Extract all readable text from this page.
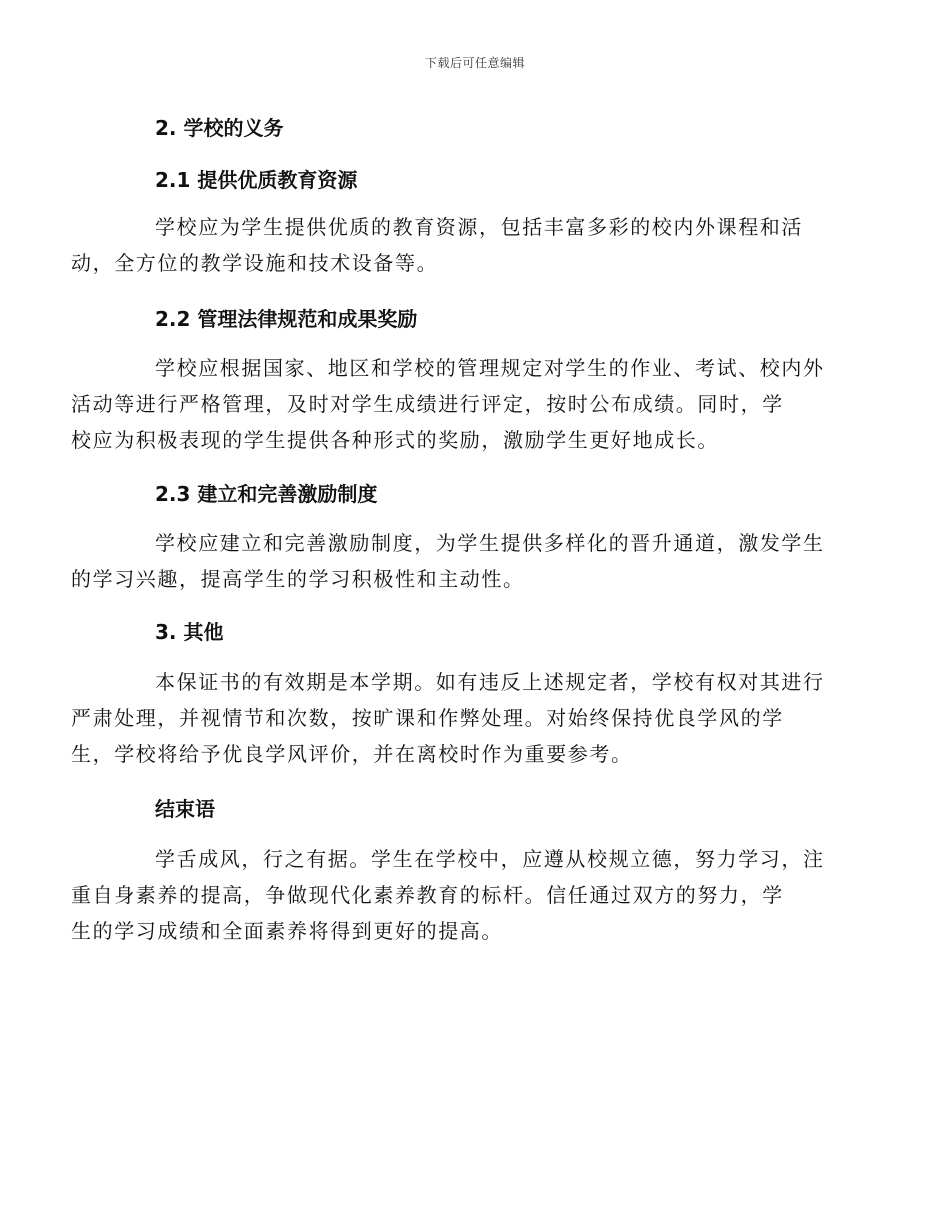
下载后可任意编辑
2. 学校的义务
2.1 提供优质教育资源
学校应为学生提供优质的教育资源，包括丰富多彩的校内外课程和活
动，全方位的教学设施和技术设备等。
2.2 管理法律规范和成果奖励
学校应根据国家、地区和学校的管理规定对学生的作业、考试、校内外
活动等进行严格管理，及时对学生成绩进行评定，按时公布成绩。同时，学
校应为积极表现的学生提供各种形式的奖励，激励学生更好地成长。
2.3 建立和完善激励制度
学校应建立和完善激励制度，为学生提供多样化的晋升通道，激发学生
的学习兴趣，提高学生的学习积极性和主动性。
3. 其他
本保证书的有效期是本学期。如有违反上述规定者，学校有权对其进行
严肃处理，并视情节和次数，按旷课和作弊处理。对始终保持优良学风的学
生，学校将给予优良学风评价，并在离校时作为重要参考。
结束语
学舌成风，行之有据。学生在学校中，应遵从校规立德，努力学习，注
重自身素养的提高，争做现代化素养教育的标杆。信任通过双方的努力，学
生的学习成绩和全面素养将得到更好的提高。
